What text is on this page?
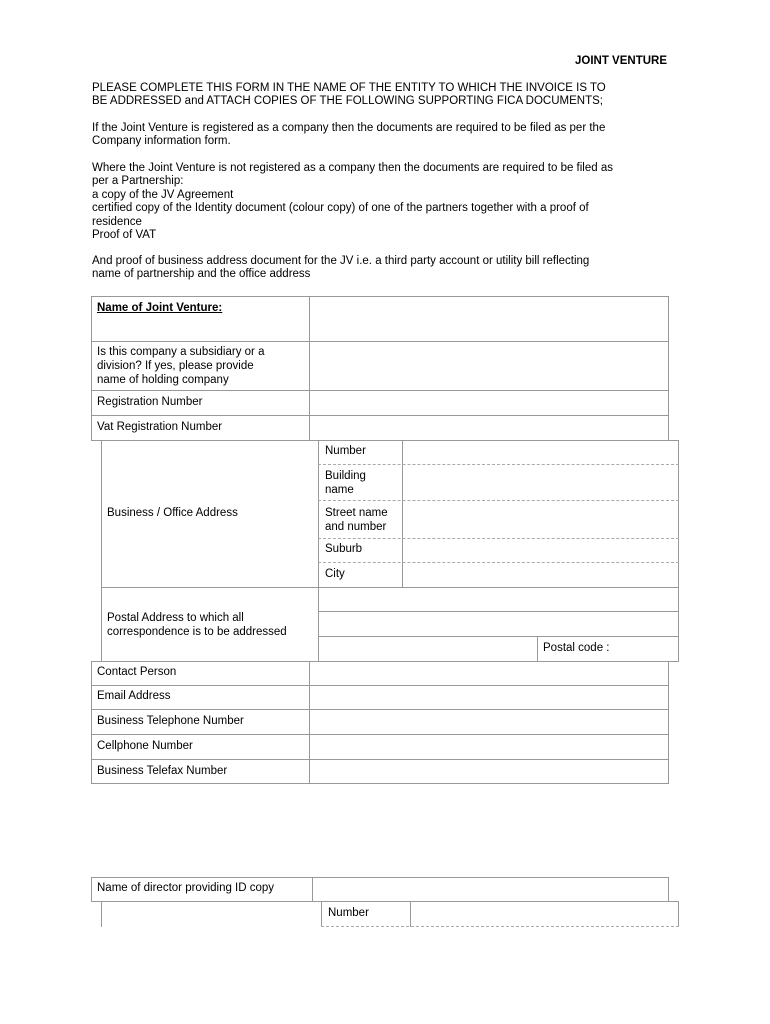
JOINT VENTURE
PLEASE COMPLETE THIS FORM IN THE NAME OF THE ENTITY TO WHICH THE INVOICE IS TO
BE ADDRESSED and ATTACH COPIES OF THE FOLLOWING SUPPORTING FICA DOCUMENTS;
If the Joint Venture is registered as a company then the documents are required to be filed as per the
Company information form.
Where the Joint Venture is not registered as a company then the documents are required to be filed as
per a Partnership:
a copy of the JV Agreement
certified copy of the Identity document (colour copy) of one of the partners together with a proof of
residence
Proof of VAT
And proof of business address document for the JV i.e. a third party account or utility bill reflecting
name of partnership and the office address
Name of Joint Venture:
Is this company a subsidiary or a
division? If yes, please provide
name of holding company
Registration Number
Vat Registration Number
Business / Office Address
Number
Building
name
Street name
and number
Suburb
City
Postal Address to which all
correspondence is to be addressed
Postal code :
Contact Person
Email Address
Business Telephone Number
Cellphone Number
Business Telefax Number
Name of director providing ID copy
Number
